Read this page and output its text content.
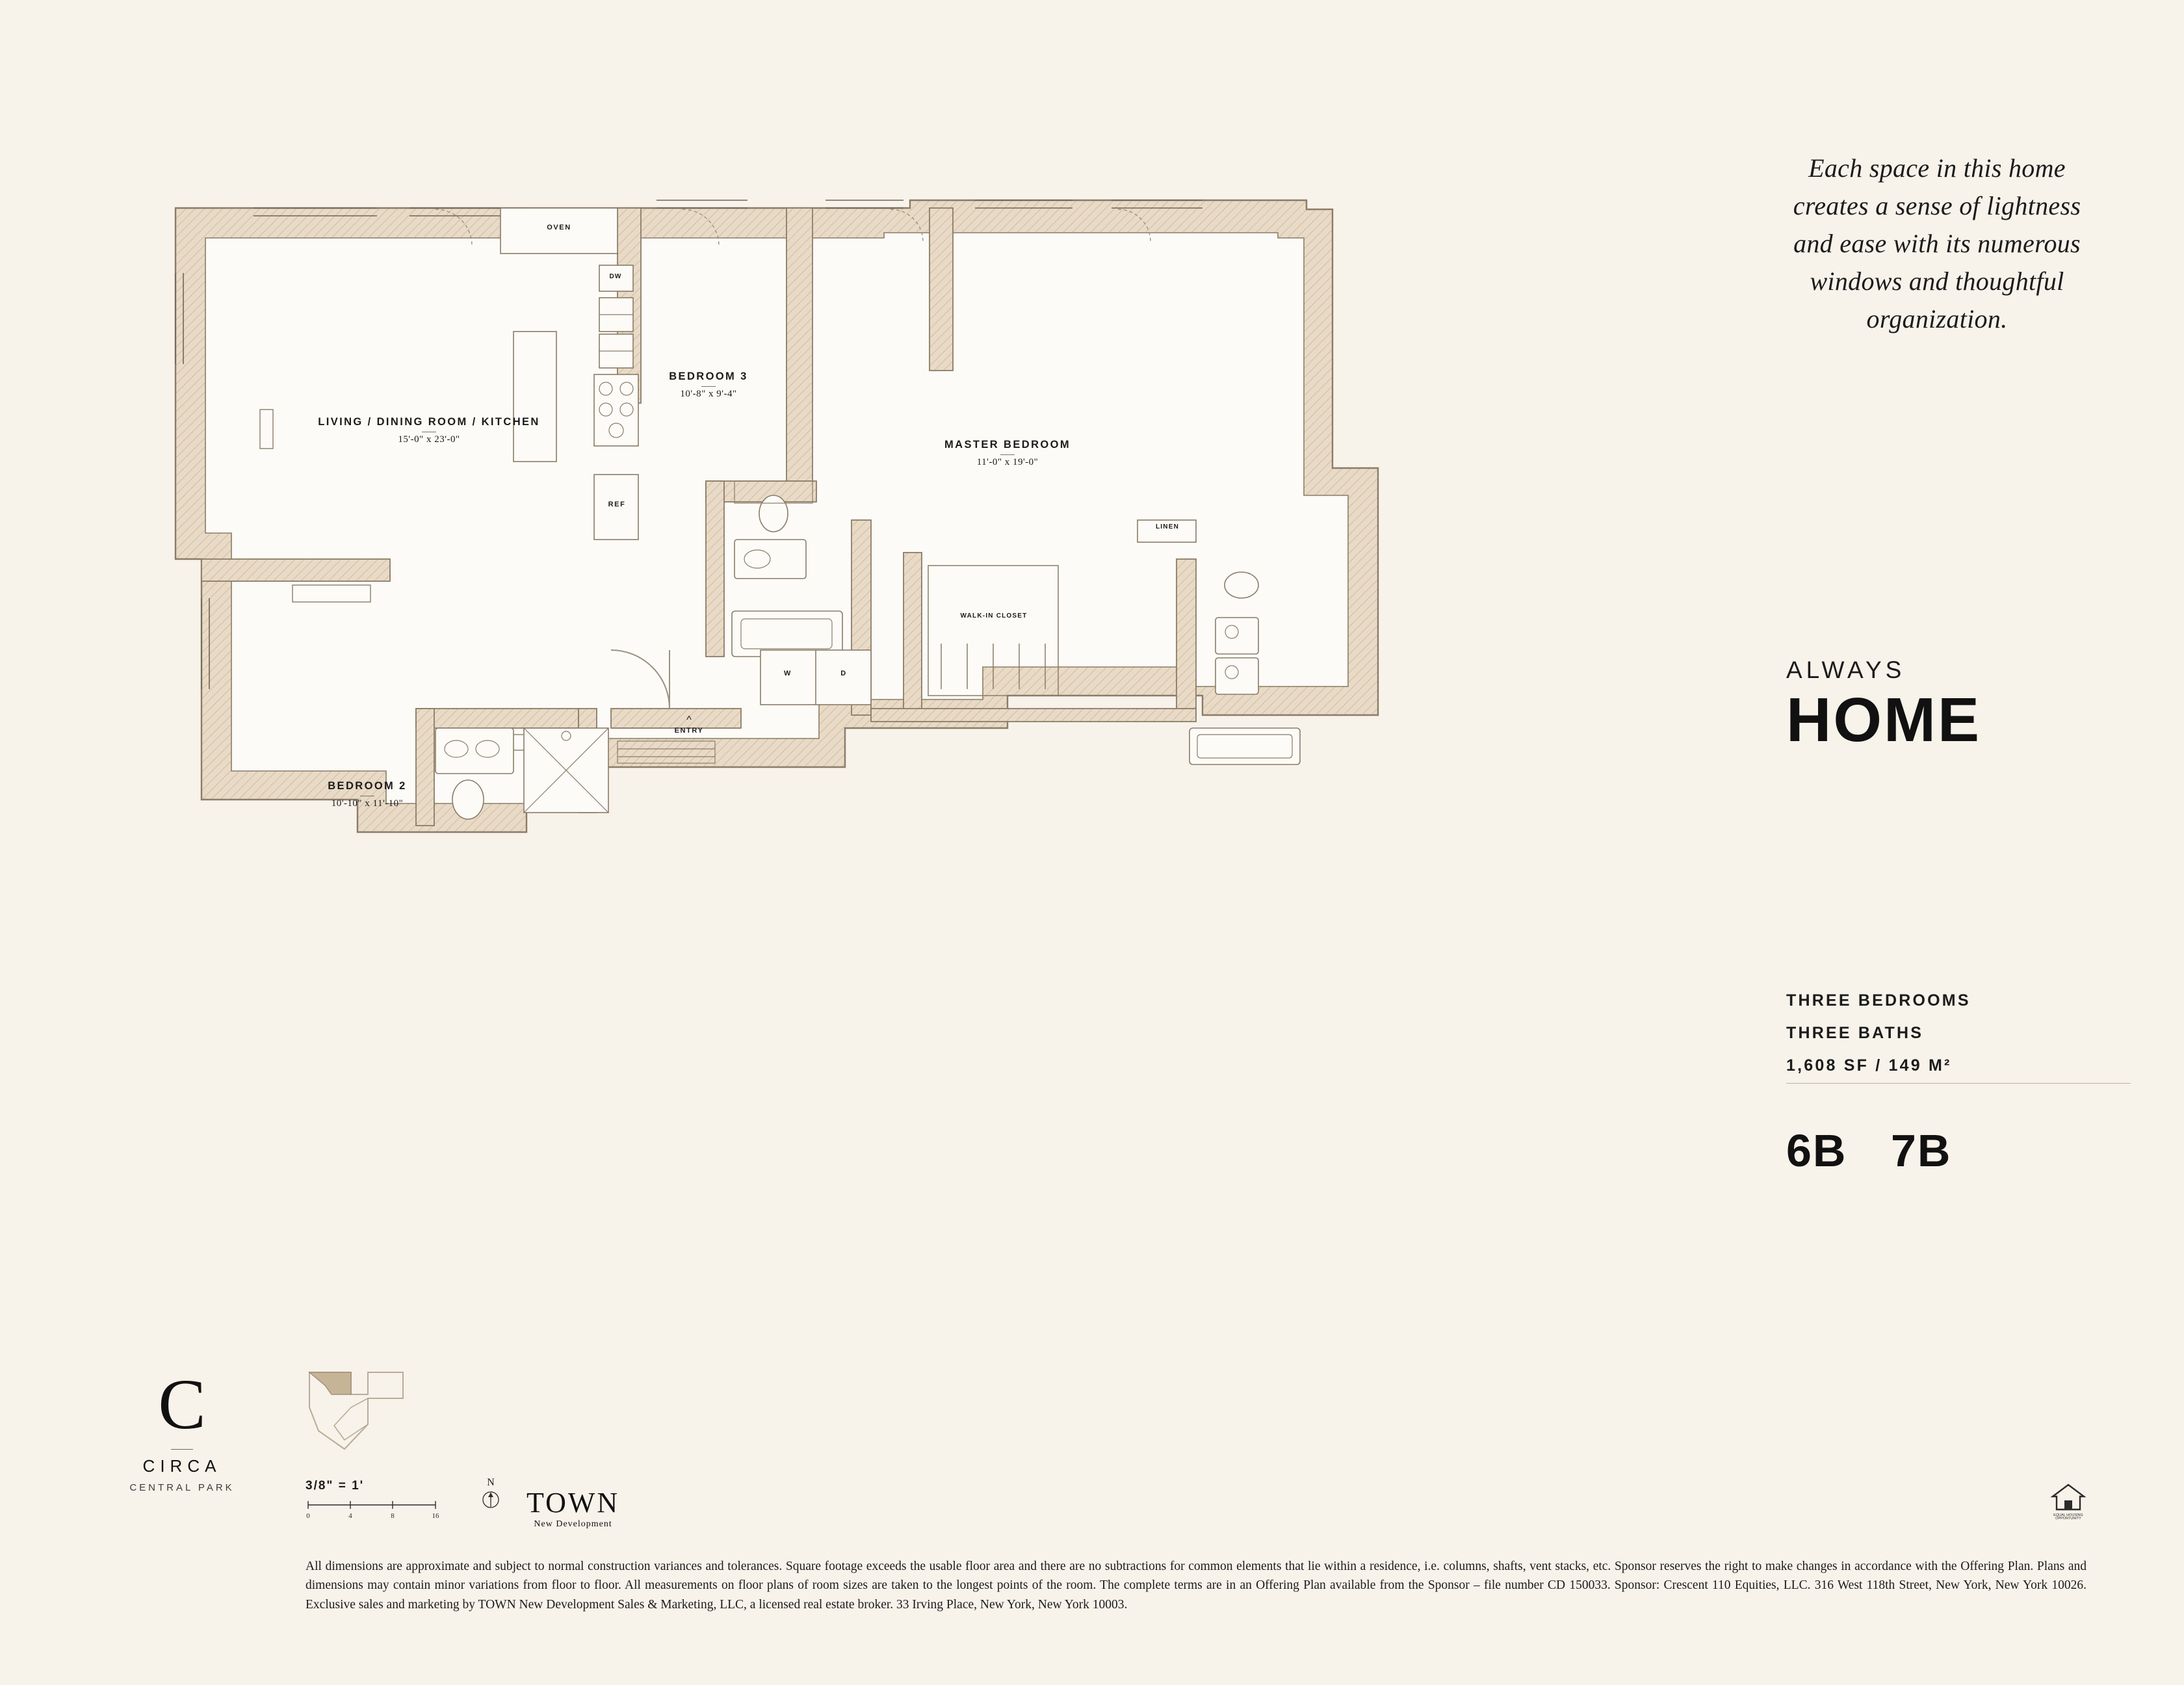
LIVING / DINING ROOM / KITCHEN
15'-0" x 23'-0"
BEDROOM 3
10'-8" x 9'-4"
MASTER BEDROOM
11'-0" x 19'-0"
BEDROOM 2
10'-10" x 11'-10"
OVEN
DW
REF
LINEN
WALK-IN CLOSET
W	D
^
ENTRY
Each space in this home creates a sense of lightness and ease with its numerous windows and thoughtful organization.
ALWAYS
HOME
THREE BEDROOMS
THREE BATHS
1,608 SF / 149 M²
6B 7B
C
CIRCA
CENTRAL PARK	3/8" = 1'
0	4	8	16
N
TOWN
New Development
EQUAL HOUSING
OPPORTUNITY
All dimensions are approximate and subject to normal construction variances and tolerances. Square footage exceeds the usable floor area and there are no subtractions for common elements that lie within a residence, i.e. columns, shafts, vent stacks, etc. Sponsor reserves the right to make changes in accordance with the Offering Plan. Plans and dimensions may contain minor variations from floor to floor. All measurements on floor plans of room sizes are taken to the longest points of the room. The complete terms are in an Offering Plan available from the Sponsor – file number CD 150033. Sponsor: Crescent 110 Equities, LLC. 316 West 118th Street, New York, New York 10026. Exclusive sales and marketing by TOWN New Development Sales & Marketing, LLC, a licensed real estate broker. 33 Irving Place, New York, New York 10003.
